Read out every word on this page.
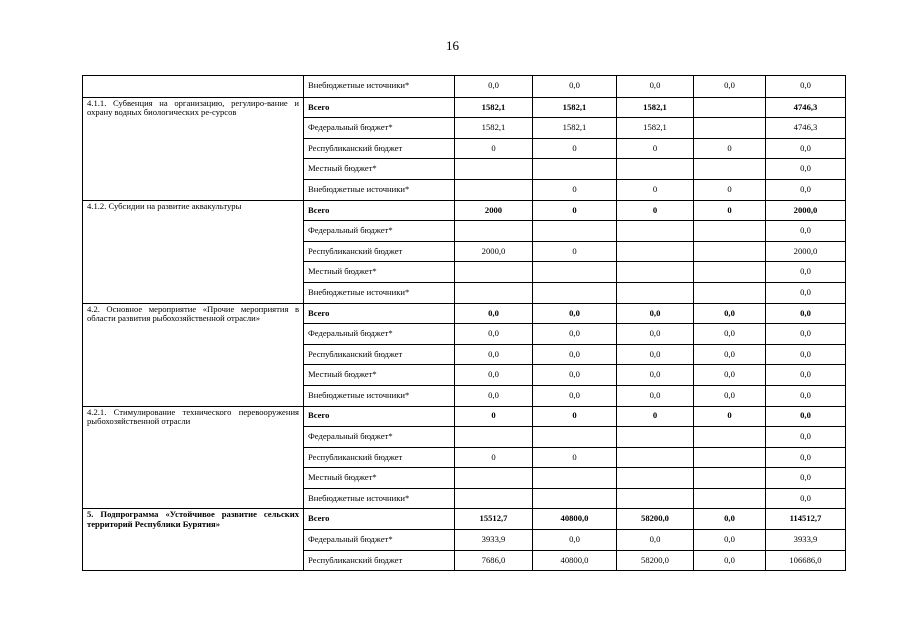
16
	Внебюджетные источники*	0,0	0,0	0,0	0,0	0,0
4.1.1. Субвенция на организацию, регулиро-вание и охрану водных биологических ре-сурсов	Всего	1582,1	1582,1	1582,1		4746,3
	Федеральный бюджет*	1582,1	1582,1	1582,1		4746,3
	Республиканский бюджет	0	0	0	0	0,0
	Местный бюджет*					0,0
	Внебюджетные источники*		0	0	0	0,0
4.1.2. Субсидии на развитие аквакультуры	Всего	2000	0	0	0	2000,0
	Федеральный бюджет*					0,0
	Республиканский бюджет	2000,0	0			2000,0
	Местный бюджет*					0,0
	Внебюджетные источники*					0,0
4.2. Основное мероприятие «Прочие мероприятия в области развития рыбохозяйственной отрасли»	Всего	0,0	0,0	0,0	0,0	0,0
	Федеральный бюджет*	0,0	0,0	0,0	0,0	0,0
	Республиканский бюджет	0,0	0,0	0,0	0,0	0,0
	Местный бюджет*	0,0	0,0	0,0	0,0	0,0
	Внебюджетные источники*	0,0	0,0	0,0	0,0	0,0
4.2.1. Стимулирование технического перевооружения рыбохозяйственной отрасли	Всего	0	0	0	0	0,0
	Федеральный бюджет*					0,0
	Республиканский бюджет	0	0			0,0
	Местный бюджет*					0,0
	Внебюджетные источники*					0,0
5. Подпрограмма «Устойчивое развитие сельских территорий Республики Бурятия»	Всего	15512,7	40800,0	58200,0	0,0	114512,7
	Федеральный бюджет*	3933,9	0,0	0,0	0,0	3933,9
	Республиканский бюджет	7686,0	40800,0	58200,0	0,0	106686,0
